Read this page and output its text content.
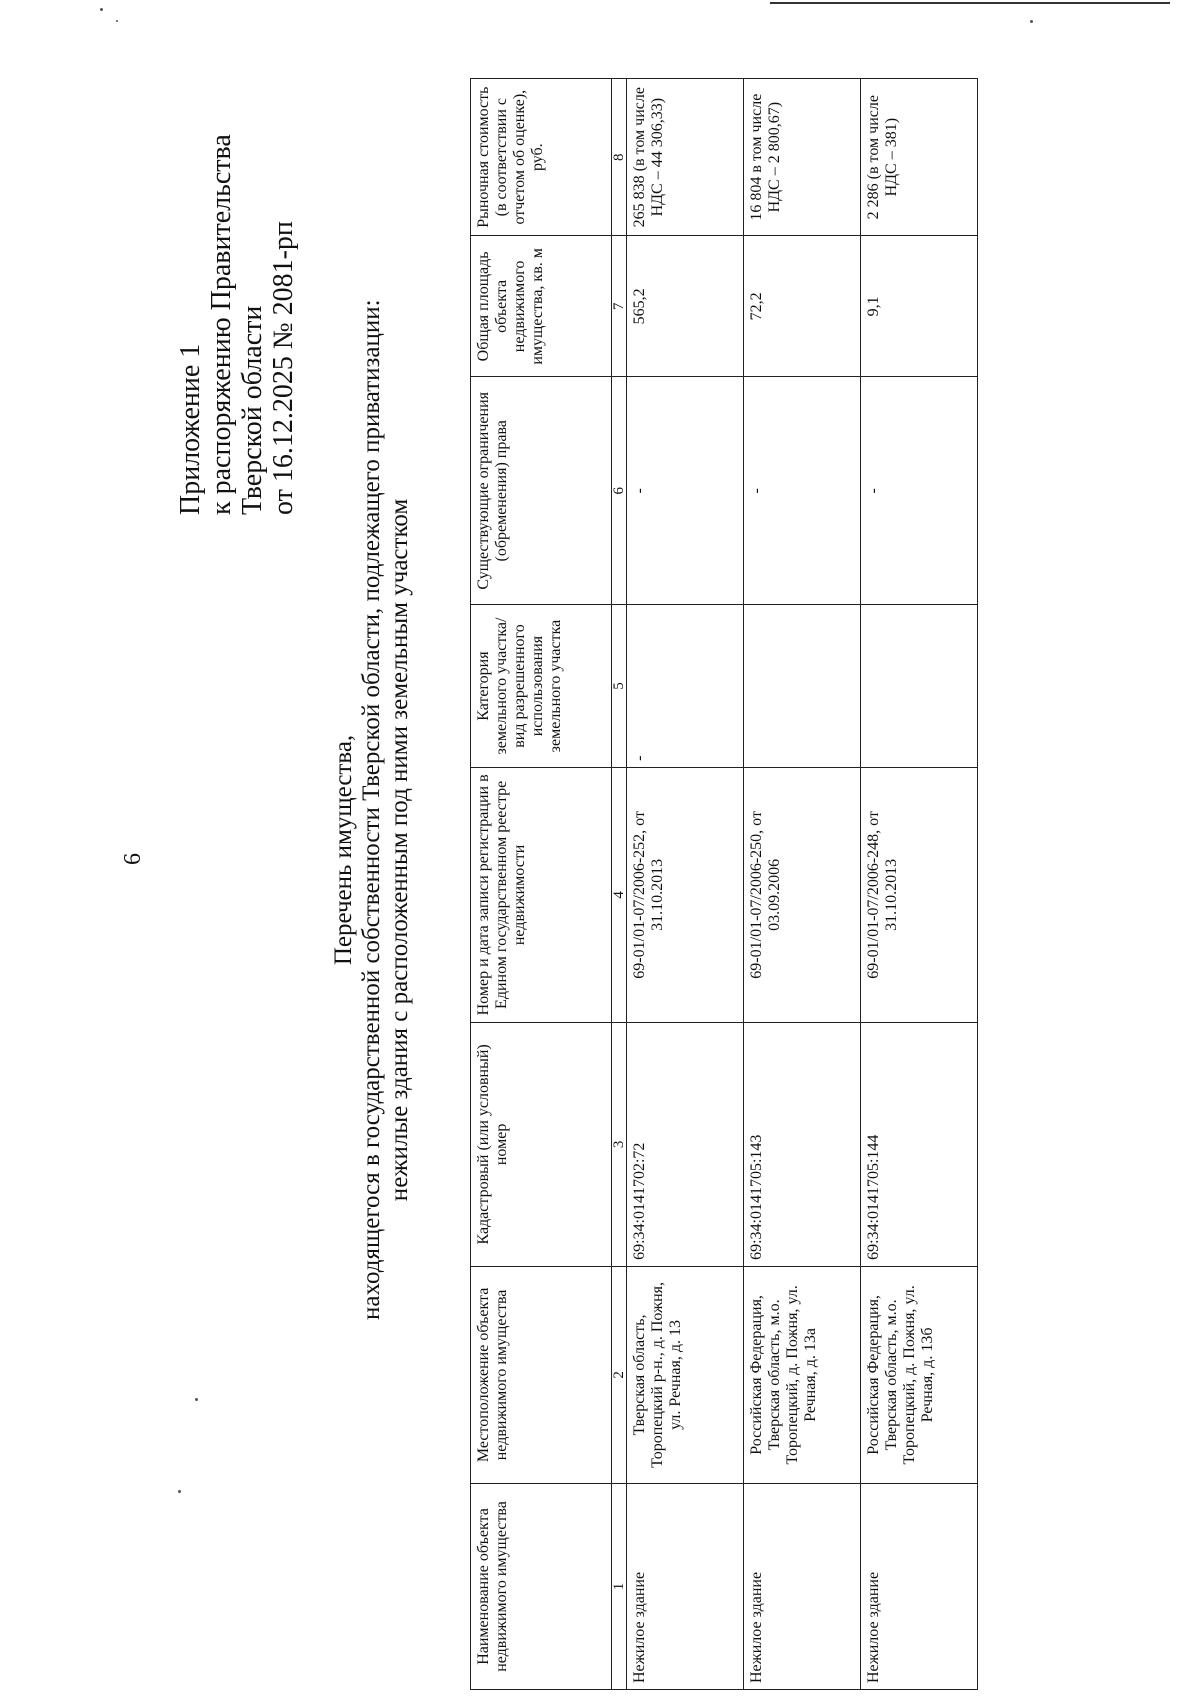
6
Приложение 1 к распоряжению Правительства Тверской области от 16.12.2025 № 2081-рп
Перечень имущества, находящегося в государственной собственности Тверской области, подлежащего приватизации: нежилые здания с расположенным под ними земельным участком
Наименование объекта недвижимого имущества	Местоположение объекта недвижимого имущества	Кадастровый (или условный) номер	Номер и дата записи регистрации в Едином государственном реестре недвижимости	Категория земельного участка/вид разрешенного использования земельного участка	Существующие ограничения (обременения) права	Общая площадь объекта недвижимого имущества, кв. м	Рыночная стоимость (в соответствии с отчетом об оценке), руб.
1	2	3	4	5	6	7	8
Нежилое здание	Тверская область, Торопецкий р-н., д. Пожня, ул. Речная, д. 13	69:34:0141702:72	69-01/01-07/2006-252, от 31.10.2013	-	-	565,2	265 838 (в том числе НДС – 44 306,33)
Нежилое здание	Российская Федерация, Тверская область, м.о. Торопецкий, д. Пожня, ул. Речная, д. 13а	69:34:0141705:143	69-01/01-07/2006-250, от 03.09.2006		-	72,2	16 804 в том числе НДС – 2 800,67)
Нежилое здание	Российская Федерация, Тверская область, м.о. Торопецкий, д. Пожня, ул. Речная, д. 13б	69:34:0141705:144	69-01/01-07/2006-248, от 31.10.2013		-	9,1	2 286 (в том числе НДС – 381)
